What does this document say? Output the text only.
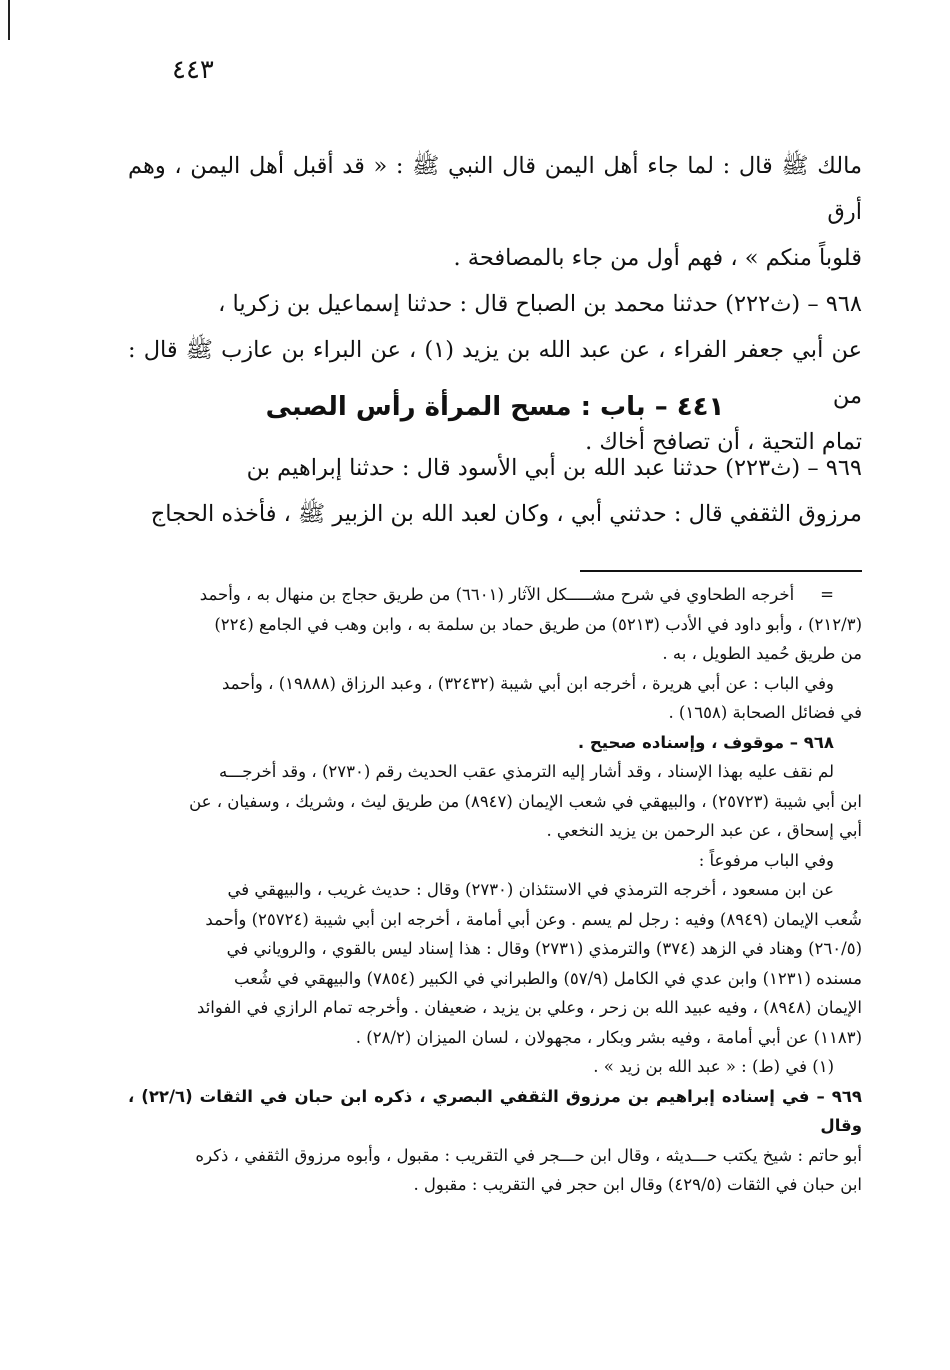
٤٤٣

مالك ﷺ قال : لما جاء أهل اليمن قال النبي ﷺ : « قد أقبل أهل اليمن ، وهم أرق

قلوباً منكم » ، فهم أول من جاء بالمصافحة .

٩٦٨ – (ث٢٢٢) حدثنا محمد بن الصباح قال : حدثنا إسماعيل بن زكريا ،

عن أبي جعفر الفراء ، عن عبد الله بن يزيد (١) ، عن البراء بن عازب ﷺ قال : من

تمام التحية ، أن تصافح أخاك .

٤٤١ – باب : مسح المرأة رأس الصبى

٩٦٩ – (ث٢٢٣) حدثنا عبد الله بن أبي الأسود قال : حدثنا إبراهيم بن

مرزوق الثقفي قال : حدثني أبي ، وكان لعبد الله بن الزبير ﷺ ، فأخذه الحجاج

=أخرجه الطحاوي في شرح مشـــــكل الآثار (٦٦٠١) من طريق حجاج بن منهال به ، وأحمد

(٢١٢/٣) ، وأبو داود في الأدب (٥٢١٣) من طريق حماد بن سلمة به ، وابن وهب في الجامع (٢٢٤)

من طريق حُميد الطويل ، به .

وفي الباب : عن أبي هريرة ، أخرجه ابن أبي شيبة (٣٢٤٣٢) ، وعبد الرزاق (١٩٨٨٨) ، وأحمد

في فضائل الصحابة (١٦٥٨) .

٩٦٨ – موقوف ، وإسناده صحيح .

لم نقف عليه بهذا الإسناد ، وقد أشار إليه الترمذي عقب الحديث رقم (٢٧٣٠) ، وقد أخرجـــه

ابن أبي شيبة (٢٥٧٢٣) ، والبيهقي في شعب الإيمان (٨٩٤٧) من طريق ليث ، وشريك ، وسفيان ، عن

أبي إسحاق ، عن عبد الرحمن بن يزيد النخعي .

وفي الباب مرفوعاً :

عن ابن مسعود ، أخرجه الترمذي في الاستئذان (٢٧٣٠) وقال : حديث غريب ، والبيهقي في

شُعب الإيمان (٨٩٤٩) وفيه : رجل لم يسم . وعن أبي أمامة ، أخرجه ابن أبي شيبة (٢٥٧٢٤) وأحمد

(٢٦٠/٥) وهناد في الزهد (٣٧٤) والترمذي (٢٧٣١) وقال : هذا إسناد ليس بالقوي ، والروياني في

مسنده (١٢٣١) وابن عدي في الكامل (٥٧/٩) والطبراني في الكبير (٧٨٥٤) والبيهقي في شُعب

الإيمان (٨٩٤٨) ، وفيه عبيد الله بن زحر ، وعلي بن يزيد ، ضعيفان . وأخرجه تمام الرازي في الفوائد

(١١٨٣) عن أبي أمامة ، وفيه بشر وبكار ، مجهولان ، لسان الميزان (٢٨/٢) .

(١) في (ط) : « عبد الله بن زيد » .

٩٦٩ – في إسناده إبراهيم بن مرزوق الثقفي البصري ، ذكره ابن حبان في الثقات (٢٢/٦) ، وقال

أبو حاتم : شيخ يكتب حـــديثه ، وقال ابن حـــجر في التقريب : مقبول ، وأبوه مرزوق الثقفي ، ذكره

ابن حبان في الثقات (٤٢٩/٥) وقال ابن حجر في التقريب : مقبول .
